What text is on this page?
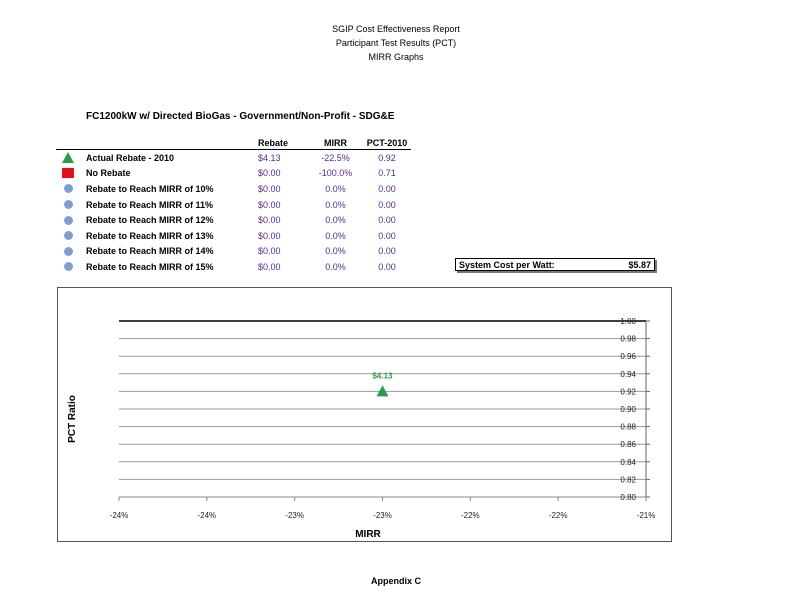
SGIP Cost Effectiveness Report
Participant Test Results (PCT)
MIRR Graphs
FC1200kW w/ Directed BioGas - Government/Non-Profit - SDG&E
		Rebate	MIRR	PCT-2010

	Actual Rebate - 2010	$4.13	-22.5%	0.92

	No Rebate	$0.00	-100.0%	0.71

	Rebate to Reach MIRR of 10%	$0.00	0.0%	0.00

	Rebate to Reach MIRR of 11%	$0.00	0.0%	0.00

	Rebate to Reach MIRR of 12%	$0.00	0.0%	0.00

	Rebate to Reach MIRR of 13%	$0.00	0.0%	0.00

	Rebate to Reach MIRR of 14%	$0.00	0.0%	0.00

	Rebate to Reach MIRR of 15%	$0.00	0.0%	0.00	System Cost per Watt:	$5.87
1.00
0.98
0.96
0.94
0.92
0.90
0.88
0.86
0.84
0.82
0.80
-24%	-24%	-23%	-23%	-22%	-22%	-21%
$4.13
MIRR
PCT Ratio
Appendix C
